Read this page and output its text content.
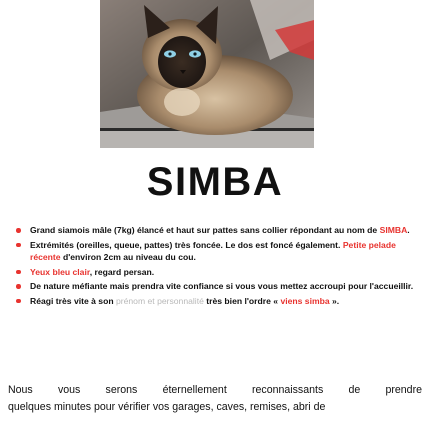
SIMBA
Grand siamois mâle (7kg) élancé et haut sur pattes sans collier répondant au nom de SIMBA.
Extrémités (oreilles, queue, pattes) très foncée. Le dos est foncé également. Petite pelade récente d'environ 2cm au niveau du cou.
Yeux bleu clair, regard persan.
De nature méfiante mais prendra vite confiance si vous vous mettez accroupi pour l'accueillir.
Réagi très vite à son prénom et personnalité très bien l'ordre « viens simba ».
Nous vous serons éternellement reconnaissants de prendre
quelques minutes pour vérifier vos garages, caves, remises, abri de
